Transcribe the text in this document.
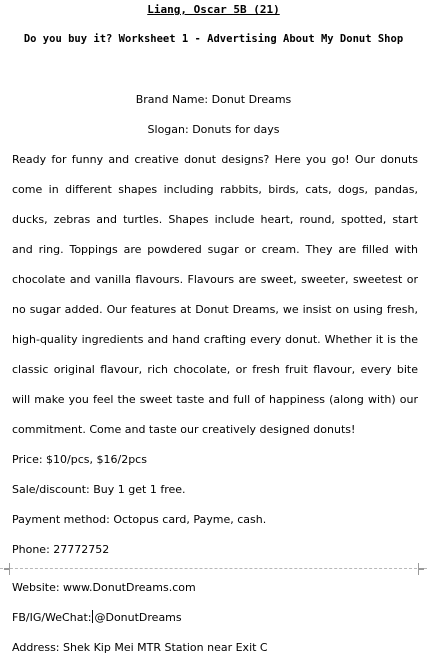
Liang, Oscar 5B (21)
Do you buy it? Worksheet 1 - Advertising About My Donut Shop
Brand Name: Donut Dreams
Slogan: Donuts for days
Ready for funny and creative donut designs? Here you go! Our donuts come in different shapes including rabbits, birds, cats, dogs, pandas, ducks, zebras and turtles. Shapes include heart, round, spotted, start and ring. Toppings are powdered sugar or cream. They are filled with chocolate and vanilla flavours. Flavours are sweet, sweeter, sweetest or no sugar added. Our features at Donut Dreams, we insist on using fresh, high-quality ingredients and hand crafting every donut. Whether it is the classic original flavour, rich chocolate, or fresh fruit flavour, every bite will make you feel the sweet taste and full of happiness (along with) our commitment. Come and taste our creatively designed donuts!
Price: $10/pcs, $16/2pcs
Sale/discount: Buy 1 get 1 free.
Payment method: Octopus card, Payme, cash.
Phone: 27772752
Website: www.DonutDreams.com
FB/IG/WeChat: @DonutDreams
Address: Shek Kip Mei MTR Station near Exit C
